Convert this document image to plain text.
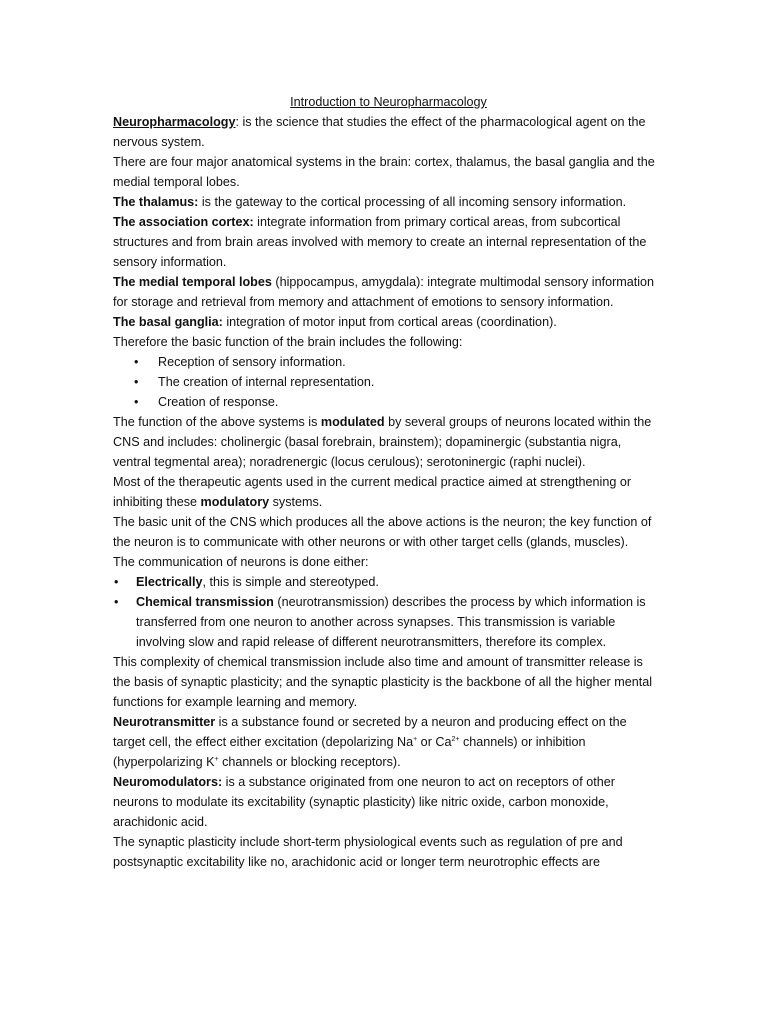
Introduction to Neuropharmacology

Neuropharmacology: is the science that studies the effect of the pharmacological agent on the nervous system.

There are four major anatomical systems in the brain: cortex, thalamus, the basal ganglia and the medial temporal lobes.

The thalamus: is the gateway to the cortical processing of all incoming sensory information.

The association cortex: integrate information from primary cortical areas, from subcortical structures and from brain areas involved with memory to create an internal representation of the sensory information.

The medial temporal lobes (hippocampus, amygdala): integrate multimodal sensory information for storage and retrieval from memory and attachment of emotions to sensory information.

The basal ganglia: integration of motor input from cortical areas (coordination).

Therefore the basic function of the brain includes the following:

• Reception of sensory information.
• The creation of internal representation.
• Creation of response.

The function of the above systems is modulated by several groups of neurons located within the CNS and includes: cholinergic (basal forebrain, brainstem); dopaminergic (substantia nigra, ventral tegmental area); noradrenergic (locus cerulous); serotoninergic (raphi nuclei).

Most of the therapeutic agents used in the current medical practice aimed at strengthening or inhibiting these modulatory systems.

The basic unit of the CNS which produces all the above actions is the neuron; the key function of the neuron is to communicate with other neurons or with other target cells (glands, muscles).

The communication of neurons is done either:

• Electrically, this is simple and stereotyped.
• Chemical transmission (neurotransmission) describes the process by which information is transferred from one neuron to another across synapses. This transmission is variable involving slow and rapid release of different neurotransmitters, therefore its complex.

This complexity of chemical transmission include also time and amount of transmitter release is the basis of synaptic plasticity; and the synaptic plasticity is the backbone of all the higher mental functions for example learning and memory.

Neurotransmitter is a substance found or secreted by a neuron and producing effect on the target cell, the effect either excitation (depolarizing Na+ or $Ca^{2+}$ channels) or inhibition (hyperpolarizing K+ channels or blocking receptors).

Neuromodulators: is a substance originated from one neuron to act on receptors of other neurons to modulate its excitability (synaptic plasticity) like nitric oxide, carbon monoxide, arachidonic acid.

The synaptic plasticity include short-term physiological events such as regulation of pre and postsynaptic excitability like no, arachidonic acid or longer term neurotrophic effects are
